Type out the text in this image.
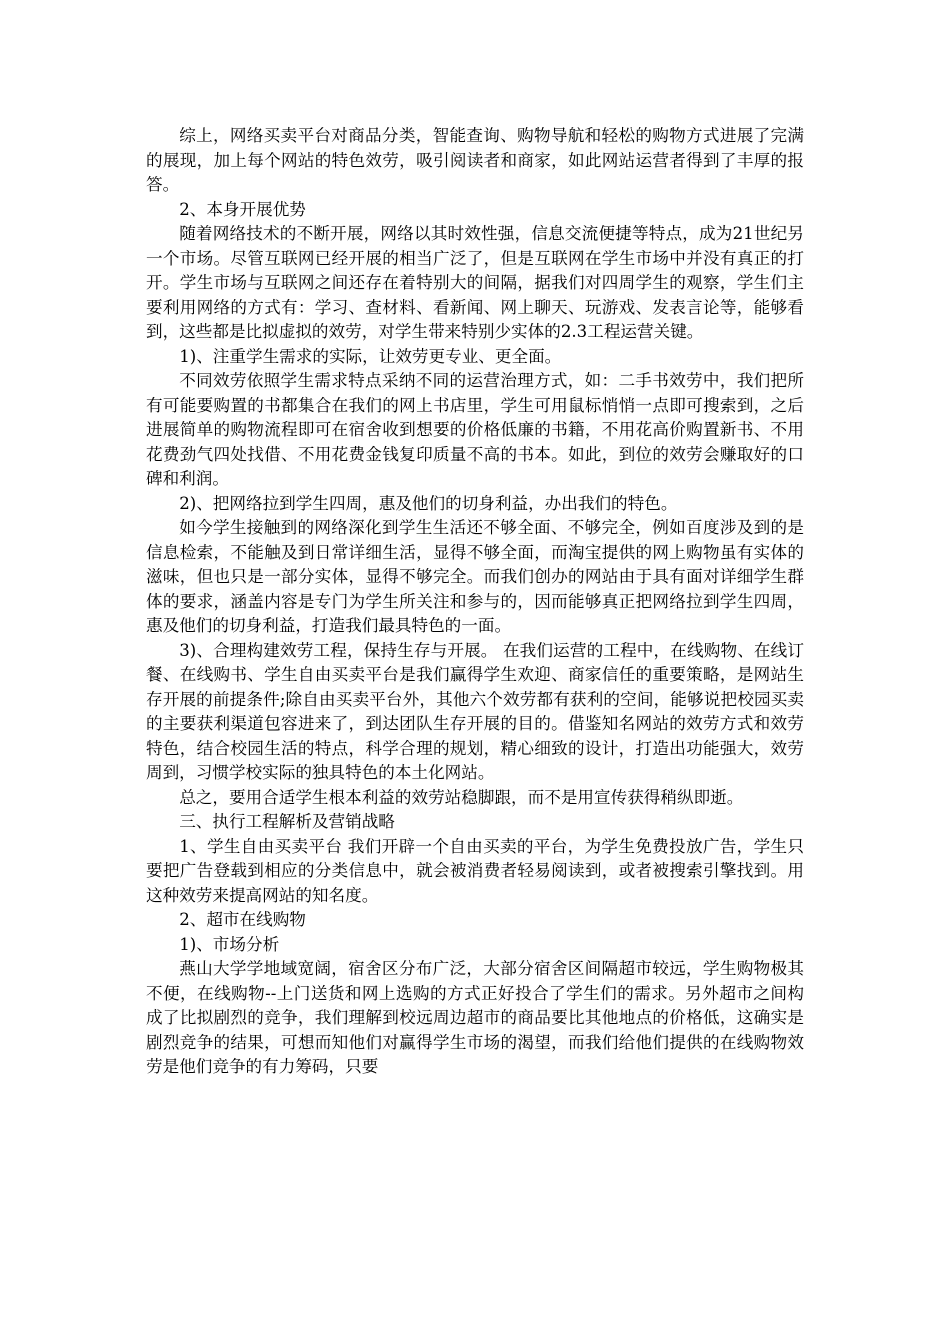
综上，网络买卖平台对商品分类，智能查询、购物导航和轻松的购物方式进展了完满的展现，加上每个网站的特色效劳，吸引阅读者和商家，如此网站运营者得到了丰厚的报答。

2、本身开展优势

随着网络技术的不断开展，网络以其时效性强，信息交流便捷等特点，成为21世纪另一个市场。尽管互联网已经开展的相当广泛了，但是互联网在学生市场中并没有真正的打开。学生市场与互联网之间还存在着特别大的间隔，据我们对四周学生的观察，学生们主要利用网络的方式有：学习、查材料、看新闻、网上聊天、玩游戏、发表言论等，能够看到，这些都是比拟虚拟的效劳，对学生带来特别少实体的2.3工程运营关键。

1)、注重学生需求的实际，让效劳更专业、更全面。

不同效劳依照学生需求特点采纳不同的运营治理方式，如：二手书效劳中，我们把所有可能要购置的书都集合在我们的网上书店里，学生可用鼠标悄悄一点即可搜索到，之后进展简单的购物流程即可在宿舍收到想要的价格低廉的书籍，不用花高价购置新书、不用花费劲气四处找借、不用花费金钱复印质量不高的书本。如此，到位的效劳会赚取好的口碑和利润。

2)、把网络拉到学生四周，惠及他们的切身利益，办出我们的特色。

如今学生接触到的网络深化到学生生活还不够全面、不够完全，例如百度涉及到的是信息检索，不能触及到日常详细生活，显得不够全面，而淘宝提供的网上购物虽有实体的滋味，但也只是一部分实体，显得不够完全。而我们创办的网站由于具有面对详细学生群体的要求，涵盖内容是专门为学生所关注和参与的，因而能够真正把网络拉到学生四周，惠及他们的切身利益，打造我们最具特色的一面。

3)、合理构建效劳工程，保持生存与开展。 在我们运营的工程中，在线购物、在线订餐、在线购书、学生自由买卖平台是我们赢得学生欢迎、商家信任的重要策略，是网站生存开展的前提条件;除自由买卖平台外，其他六个效劳都有获利的空间，能够说把校园买卖的主要获利渠道包容进来了，到达团队生存开展的目的。借鉴知名网站的效劳方式和效劳特色，结合校园生活的特点，科学合理的规划，精心细致的设计，打造出功能强大，效劳周到，习惯学校实际的独具特色的本土化网站。

总之，要用合适学生根本利益的效劳站稳脚跟，而不是用宣传获得稍纵即逝。

三、执行工程解析及营销战略

1、学生自由买卖平台 我们开辟一个自由买卖的平台，为学生免费投放广告，学生只要把广告登载到相应的分类信息中，就会被消费者轻易阅读到，或者被搜索引擎找到。用这种效劳来提高网站的知名度。

2、超市在线购物

1)、市场分析

燕山大学学地域宽阔，宿舍区分布广泛，大部分宿舍区间隔超市较远，学生购物极其不便，在线购物--上门送货和网上选购的方式正好投合了学生们的需求。另外超市之间构成了比拟剧烈的竞争，我们理解到校远周边超市的商品要比其他地点的价格低，这确实是剧烈竞争的结果，可想而知他们对赢得学生市场的渴望，而我们给他们提供的在线购物效劳是他们竞争的有力筹码，只要
